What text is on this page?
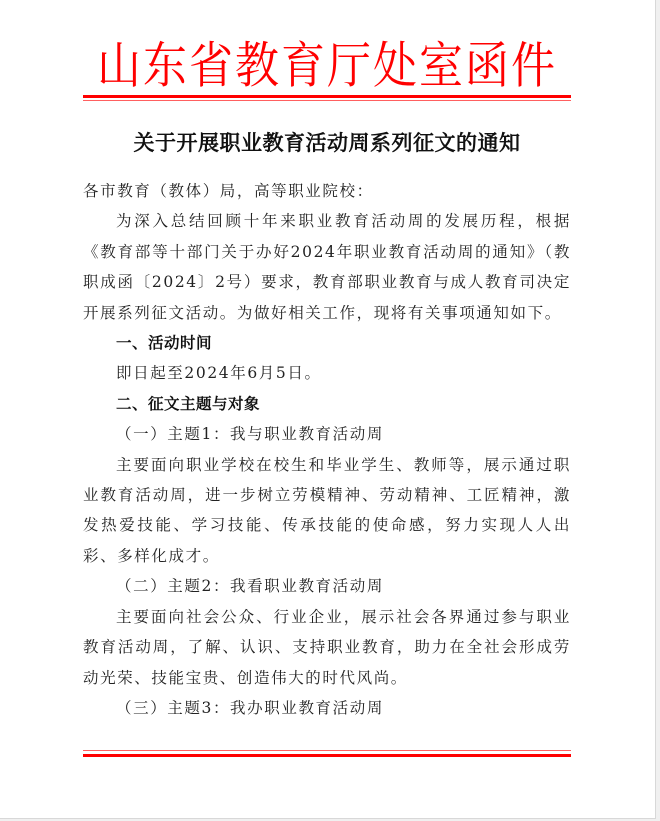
山东省教育厅处室函件
关于开展职业教育活动周系列征文的通知

各市教育（教体）局，高等职业院校：

为深入总结回顾十年来职业教育活动周的发展历程，根据《教育部等十部门关于办好2024年职业教育活动周的通知》（教职成函〔2024〕2号）要求，教育部职业教育与成人教育司决定开展系列征文活动。为做好相关工作，现将有关事项通知如下。

一、活动时间

即日起至2024年6月5日。

二、征文主题与对象

（一）主题1：我与职业教育活动周

主要面向职业学校在校生和毕业学生、教师等，展示通过职业教育活动周，进一步树立劳模精神、劳动精神、工匠精神，激发热爱技能、学习技能、传承技能的使命感，努力实现人人出彩、多样化成才。

（二）主题2：我看职业教育活动周

主要面向社会公众、行业企业，展示社会各界通过参与职业教育活动周，了解、认识、支持职业教育，助力在全社会形成劳动光荣、技能宝贵、创造伟大的时代风尚。

（三）主题3：我办职业教育活动周
